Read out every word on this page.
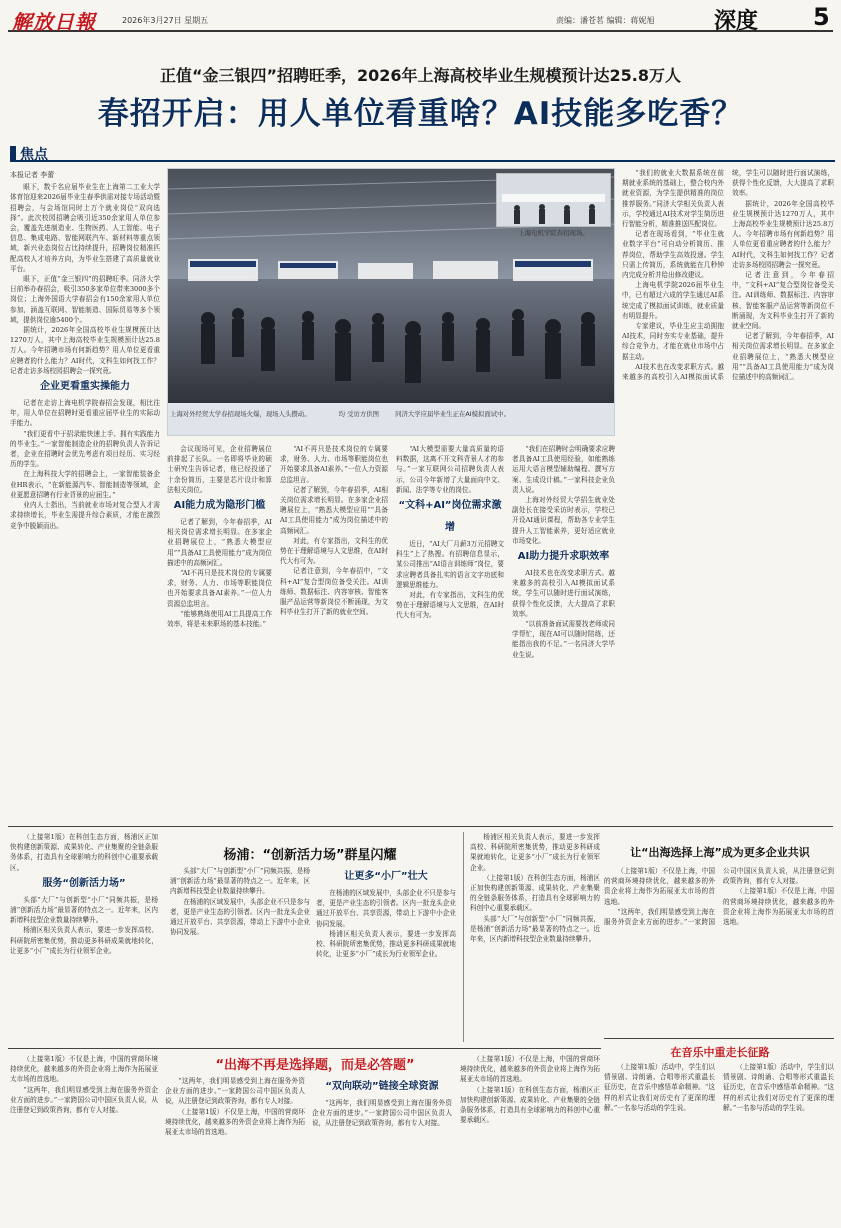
解放日報	2026年3月27日 星期五	责编：潘苍茗 编辑：蒋妮旭	深度 5
正值“金三银四”招聘旺季，2026年上海高校毕业生规模预计达25.8万人
春招开启：用人单位看重啥？AI技能多吃香？
焦点

本报记者 李蕾

眼下，数千名应届毕业生在上海第二工业大学体育馆迎来2026届毕业生春季供需对接专场活动暨招聘会，与会场馆同时上万个就业岗位“双向选择”。此次校园招聘会吸引近350余家用人单位参会，覆盖先进制造业、生物医药、人工智能、电子信息、集成电路、智能网联汽车、新材料等重点领域，新兴业态岗位占比持续提升，招聘岗位精准匹配高校人才培养方向，为毕业生搭建了高质量就业平台。

眼下，正值“金三银四”的招聘旺季。同济大学日前举办春招会，吸引350多家单位带来3000多个岗位；上海外国语大学春招会有150余家用人单位参加，涵盖互联网、智能制造、国际贸易等多个领域，提供岗位逾5400个。

据统计，2026年全国高校毕业生规模预计达1270万人，其中上海高校毕业生规模预计达25.8万人。今年招聘市场有何新趋势？用人单位更看重应聘者的什么能力？AI时代，文科生如何找工作？记者走访多场校园招聘会一探究竟。

企业更看重实操能力

记者在走访上海电机学院春招会发现，相比往年，用人单位在招聘时更看重应届毕业生的实际动手能力。

“我们更看中于招录能快速上手、拥有实践能力的毕业生。”一家智能制造企业的招聘负责人告诉记者，企业在招聘时会优先考虑有项目经历、实习经历的学生。

在上海科技大学的招聘会上，一家智能装备企业HR表示，“在新能源汽车、智能制造等领域，企业更愿意招聘有行业背景的应届生。”

业内人士指出，当前就业市场对复合型人才需求持续增长，毕业生需提升综合素质，才能在激烈竞争中脱颖而出。

上海对外经贸大学春招现场火爆，现场人头攒动。	均 受访方供图	同济大学应届毕业生正在AI模拟面试中。
上海电机学院春招现场。

会议现场可见，企业招聘展位前排起了长队。一名即将毕业的硕士研究生告诉记者，他已经投递了十余份简历，主要是芯片设计和算法相关岗位。

AI能力成为隐形门槛

记者了解到，今年春招季，AI相关岗位需求增长明显。在多家企业招聘展位上，“熟悉大模型应用”“具备AI工具使用能力”成为岗位描述中的高频词汇。

“AI不再只是技术岗位的专属要求，财务、人力、市场等职能岗位也开始要求具备AI素养。”一位人力资源总监坦言。

“能够熟练使用AI工具提高工作效率，将是未来职场的基本技能。”

“AI不再只是技术岗位的专属要求，财务、人力、市场等职能岗位也开始要求具备AI素养。”一位人力资源总监坦言。

记者了解到，今年春招季，AI相关岗位需求增长明显。在多家企业招聘展位上，“熟悉大模型应用”“具备AI工具使用能力”成为岗位描述中的高频词汇。

对此，有专家指出，文科生的优势在于理解语境与人文思维，在AI时代大有可为。

记者注意到，今年春招中，“文科+AI”复合型岗位备受关注。AI训练师、数据标注、内容审核、智能客服产品运营等新岗位不断涌现，为文科毕业生打开了新的就业空间。

“AI大模型需要大量高质量的语料数据，这离不开文科背景人才的参与。”一家互联网公司招聘负责人表示，公司今年新增了大量面向中文、新闻、法学等专业的岗位。

“文科+AI”岗位需求激增

近日，“AI大厂月薪3万元招聘文科生”上了热搜。有招聘信息显示，某公司推出“AI语言训练师”岗位，要求应聘者具备扎实的语言文字功底和逻辑思维能力。

对此，有专家指出，文科生的优势在于理解语境与人文思维，在AI时代大有可为。

“我们在招聘时会明确要求应聘者具备AI工具使用经验，如能熟练运用大语言模型辅助编程、撰写方案、生成设计稿。”一家科技企业负责人说。

上海对外经贸大学招生就业处副处长在接受采访时表示，学校已开设AI通识课程，帮助各专业学生提升人工智能素养，更好适应就业市场变化。

AI助力提升求职效率

AI技术也在改变求职方式。越来越多的高校引入AI模拟面试系统，学生可以随时进行面试演练，获得个性化反馈，大大提高了求职效率。

“以前准备面试需要找老师或同学帮忙，现在AI可以随时陪练，还能指出我的不足。”一名同济大学毕业生说。

“我们的就业大数据系统在前期就业系统的基础上，整合校内外就业资源，为学生提供精准的岗位推荐服务。”同济大学相关负责人表示，学校通过AI技术对学生简历进行智能分析，精准推送匹配岗位。

记者在现场看到，“毕业生就业数字平台”可自动分析简历、推荐岗位，帮助学生高效投递。学生只需上传简历，系统就能在几秒钟内完成分析并给出修改建议。

上海电机学院2026届毕业生中，已有超过六成的学生通过AI系统完成了模拟面试训练，就业质量有明显提升。

专家建议，毕业生应主动拥抱AI技术，同时夯实专业基础，提升综合竞争力，才能在就业市场中占据主动。

AI技术也在改变求职方式。越来越多的高校引入AI模拟面试系统，学生可以随时进行面试演练，获得个性化反馈，大大提高了求职效率。

据统计，2026年全国高校毕业生规模预计达1270万人，其中上海高校毕业生规模预计达25.8万人。今年招聘市场有何新趋势？用人单位更看重应聘者的什么能力？AI时代，文科生如何找工作？记者走访多场校园招聘会一探究竟。

记者注意到，今年春招中，“文科+AI”复合型岗位备受关注。AI训练师、数据标注、内容审核、智能客服产品运营等新岗位不断涌现，为文科毕业生打开了新的就业空间。

记者了解到，今年春招季，AI相关岗位需求增长明显。在多家企业招聘展位上，“熟悉大模型应用”“具备AI工具使用能力”成为岗位描述中的高频词汇。

（上接第1版）在科创生态方面，杨浦区正加快构建创新策源、成果转化、产业集聚的全链条服务体系，打造具有全球影响力的科创中心重要承载区。

服务“创新活力场”

头部“大厂”与创新型“小厂”同频共振，是杨浦“创新活力场”最显著的特点之一。近年来，区内新增科技型企业数量持续攀升。

杨浦区相关负责人表示，要进一步发挥高校、科研院所密集优势，推动更多科研成果就地转化，让更多“小厂”成长为行业领军企业。

杨浦：“创新活力场”群星闪耀

头部“大厂”与创新型“小厂”同频共振，是杨浦“创新活力场”最显著的特点之一。近年来，区内新增科技型企业数量持续攀升。

在杨浦的区域发展中，头部企业不只是参与者，更是产业生态的引领者。区内一批龙头企业通过开放平台、共享资源，带动上下游中小企业协同发展。

让更多“小厂”壮大

在杨浦的区域发展中，头部企业不只是参与者，更是产业生态的引领者。区内一批龙头企业通过开放平台、共享资源，带动上下游中小企业协同发展。

杨浦区相关负责人表示，要进一步发挥高校、科研院所密集优势，推动更多科研成果就地转化，让更多“小厂”成长为行业领军企业。

杨浦区相关负责人表示，要进一步发挥高校、科研院所密集优势，推动更多科研成果就地转化，让更多“小厂”成长为行业领军企业。

（上接第1版）在科创生态方面，杨浦区正加快构建创新策源、成果转化、产业集聚的全链条服务体系，打造具有全球影响力的科创中心重要承载区。

头部“大厂”与创新型“小厂”同频共振，是杨浦“创新活力场”最显著的特点之一。近年来，区内新增科技型企业数量持续攀升。

让“出海选择上海”成为更多企业共识

（上接第1版）不仅是上海，中国的营商环境持续优化，越来越多的外资企业将上海作为拓展亚太市场的首选地。

“这两年，我们明显感受到上海在服务外资企业方面的进步。”一家跨国公司中国区负责人说，从注册登记到政策咨询，都有专人对接。

（上接第1版）不仅是上海，中国的营商环境持续优化，越来越多的外资企业将上海作为拓展亚太市场的首选地。

（上接第1版）不仅是上海，中国的营商环境持续优化，越来越多的外资企业将上海作为拓展亚太市场的首选地。

“这两年，我们明显感受到上海在服务外资企业方面的进步。”一家跨国公司中国区负责人说，从注册登记到政策咨询，都有专人对接。

“出海不再是选择题，而是必答题”

“这两年，我们明显感受到上海在服务外资企业方面的进步。”一家跨国公司中国区负责人说，从注册登记到政策咨询，都有专人对接。

（上接第1版）不仅是上海，中国的营商环境持续优化，越来越多的外资企业将上海作为拓展亚太市场的首选地。

“双向联动”链接全球资源

“这两年，我们明显感受到上海在服务外资企业方面的进步。”一家跨国公司中国区负责人说，从注册登记到政策咨询，都有专人对接。

（上接第1版）不仅是上海，中国的营商环境持续优化，越来越多的外资企业将上海作为拓展亚太市场的首选地。

（上接第1版）在科创生态方面，杨浦区正加快构建创新策源、成果转化、产业集聚的全链条服务体系，打造具有全球影响力的科创中心重要承载区。

在音乐中重走长征路

（上接第1版）活动中，学生们以情景剧、诗朗诵、合唱等形式重温长征历史，在音乐中感悟革命精神。“这样的形式让我们对历史有了更深的理解。”一名参与活动的学生说。

（上接第1版）活动中，学生们以情景剧、诗朗诵、合唱等形式重温长征历史，在音乐中感悟革命精神。“这样的形式让我们对历史有了更深的理解。”一名参与活动的学生说。
